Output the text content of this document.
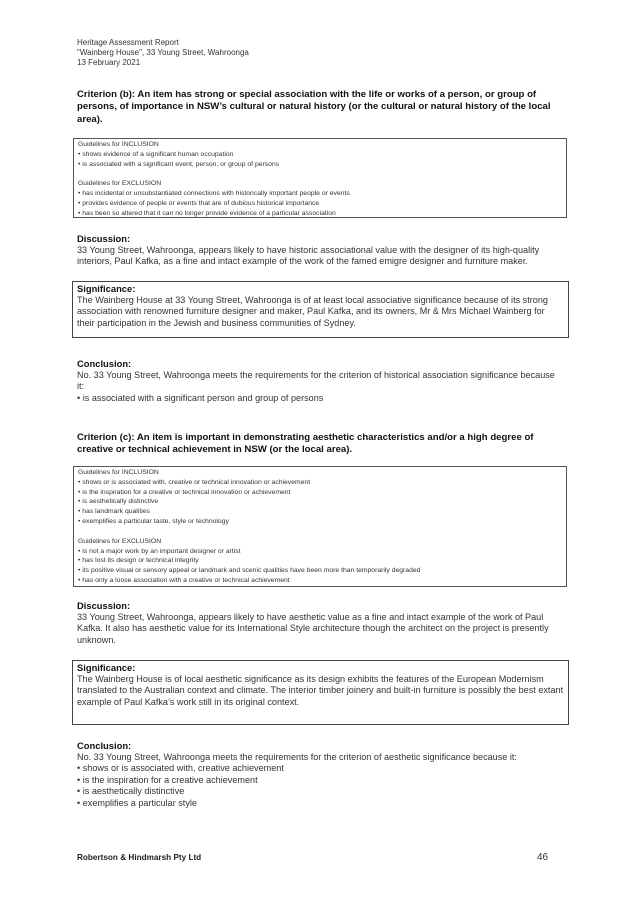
Heritage Assessment Report
"Wainberg House", 33 Young Street, Wahroonga
13 February 2021
Criterion (b): An item has strong or special association with the life or works of a person, or group of persons, of importance in NSW’s cultural or natural history (or the cultural or natural history of the local area).
Guidelines for INCLUSION
• shows evidence of a significant human occupation
• is associated with a significant event, person, or group of persons
Guidelines for EXCLUSION
• has incidental or unsubstantiated connections with historically important people or events
• provides evidence of people or events that are of dubious historical importance
• has been so altered that it can no longer provide evidence of a particular association
Discussion:
33 Young Street, Wahroonga, appears likely to have historic associational value with the designer of its high-quality interiors, Paul Kafka, as a fine and intact example of the work of the famed emigre designer and furniture maker.
Significance:
The Wainberg House at 33 Young Street, Wahroonga is of at least local associative significance because of its strong association with renowned furniture designer and maker, Paul Kafka, and its owners, Mr & Mrs Michael Wainberg for their participation in the Jewish and business communities of Sydney.
Conclusion:
No. 33 Young Street, Wahroonga meets the requirements for the criterion of historical association significance because it:
• is associated with a significant person and group of persons
Criterion (c): An item is important in demonstrating aesthetic characteristics and/or a high degree of creative or technical achievement in NSW (or the local area).
Guidelines for INCLUSION
• shows or is associated with, creative or technical innovation or achievement
• is the inspiration for a creative or technical innovation or achievement
• is aesthetically distinctive
• has landmark qualities
• exemplifies a particular taste, style or technology
Guidelines for EXCLUSION
• is not a major work by an important designer or artist
• has lost its design or technical integrity
• its positive visual or sensory appeal or landmark and scenic qualities have been more than temporarily degraded
• has only a loose association with a creative or technical achievement
Discussion:
33 Young Street, Wahroonga, appears likely to have aesthetic value as a fine and intact example of the work of Paul Kafka. It also has aesthetic value for its International Style architecture though the architect on the project is presently unknown.
Significance:
The Wainberg House is of local aesthetic significance as its design exhibits the features of the European Modernism translated to the Australian context and climate. The interior timber joinery and built-in furniture is possibly the best extant example of Paul Kafka’s work still in its original context.
Conclusion:
No. 33 Young Street, Wahroonga meets the requirements for the criterion of aesthetic significance because it:
• shows or is associated with, creative achievement
• is the inspiration for a creative achievement
• is aesthetically distinctive
• exemplifies a particular style
Robertson & Hindmarsh Pty Ltd	46
